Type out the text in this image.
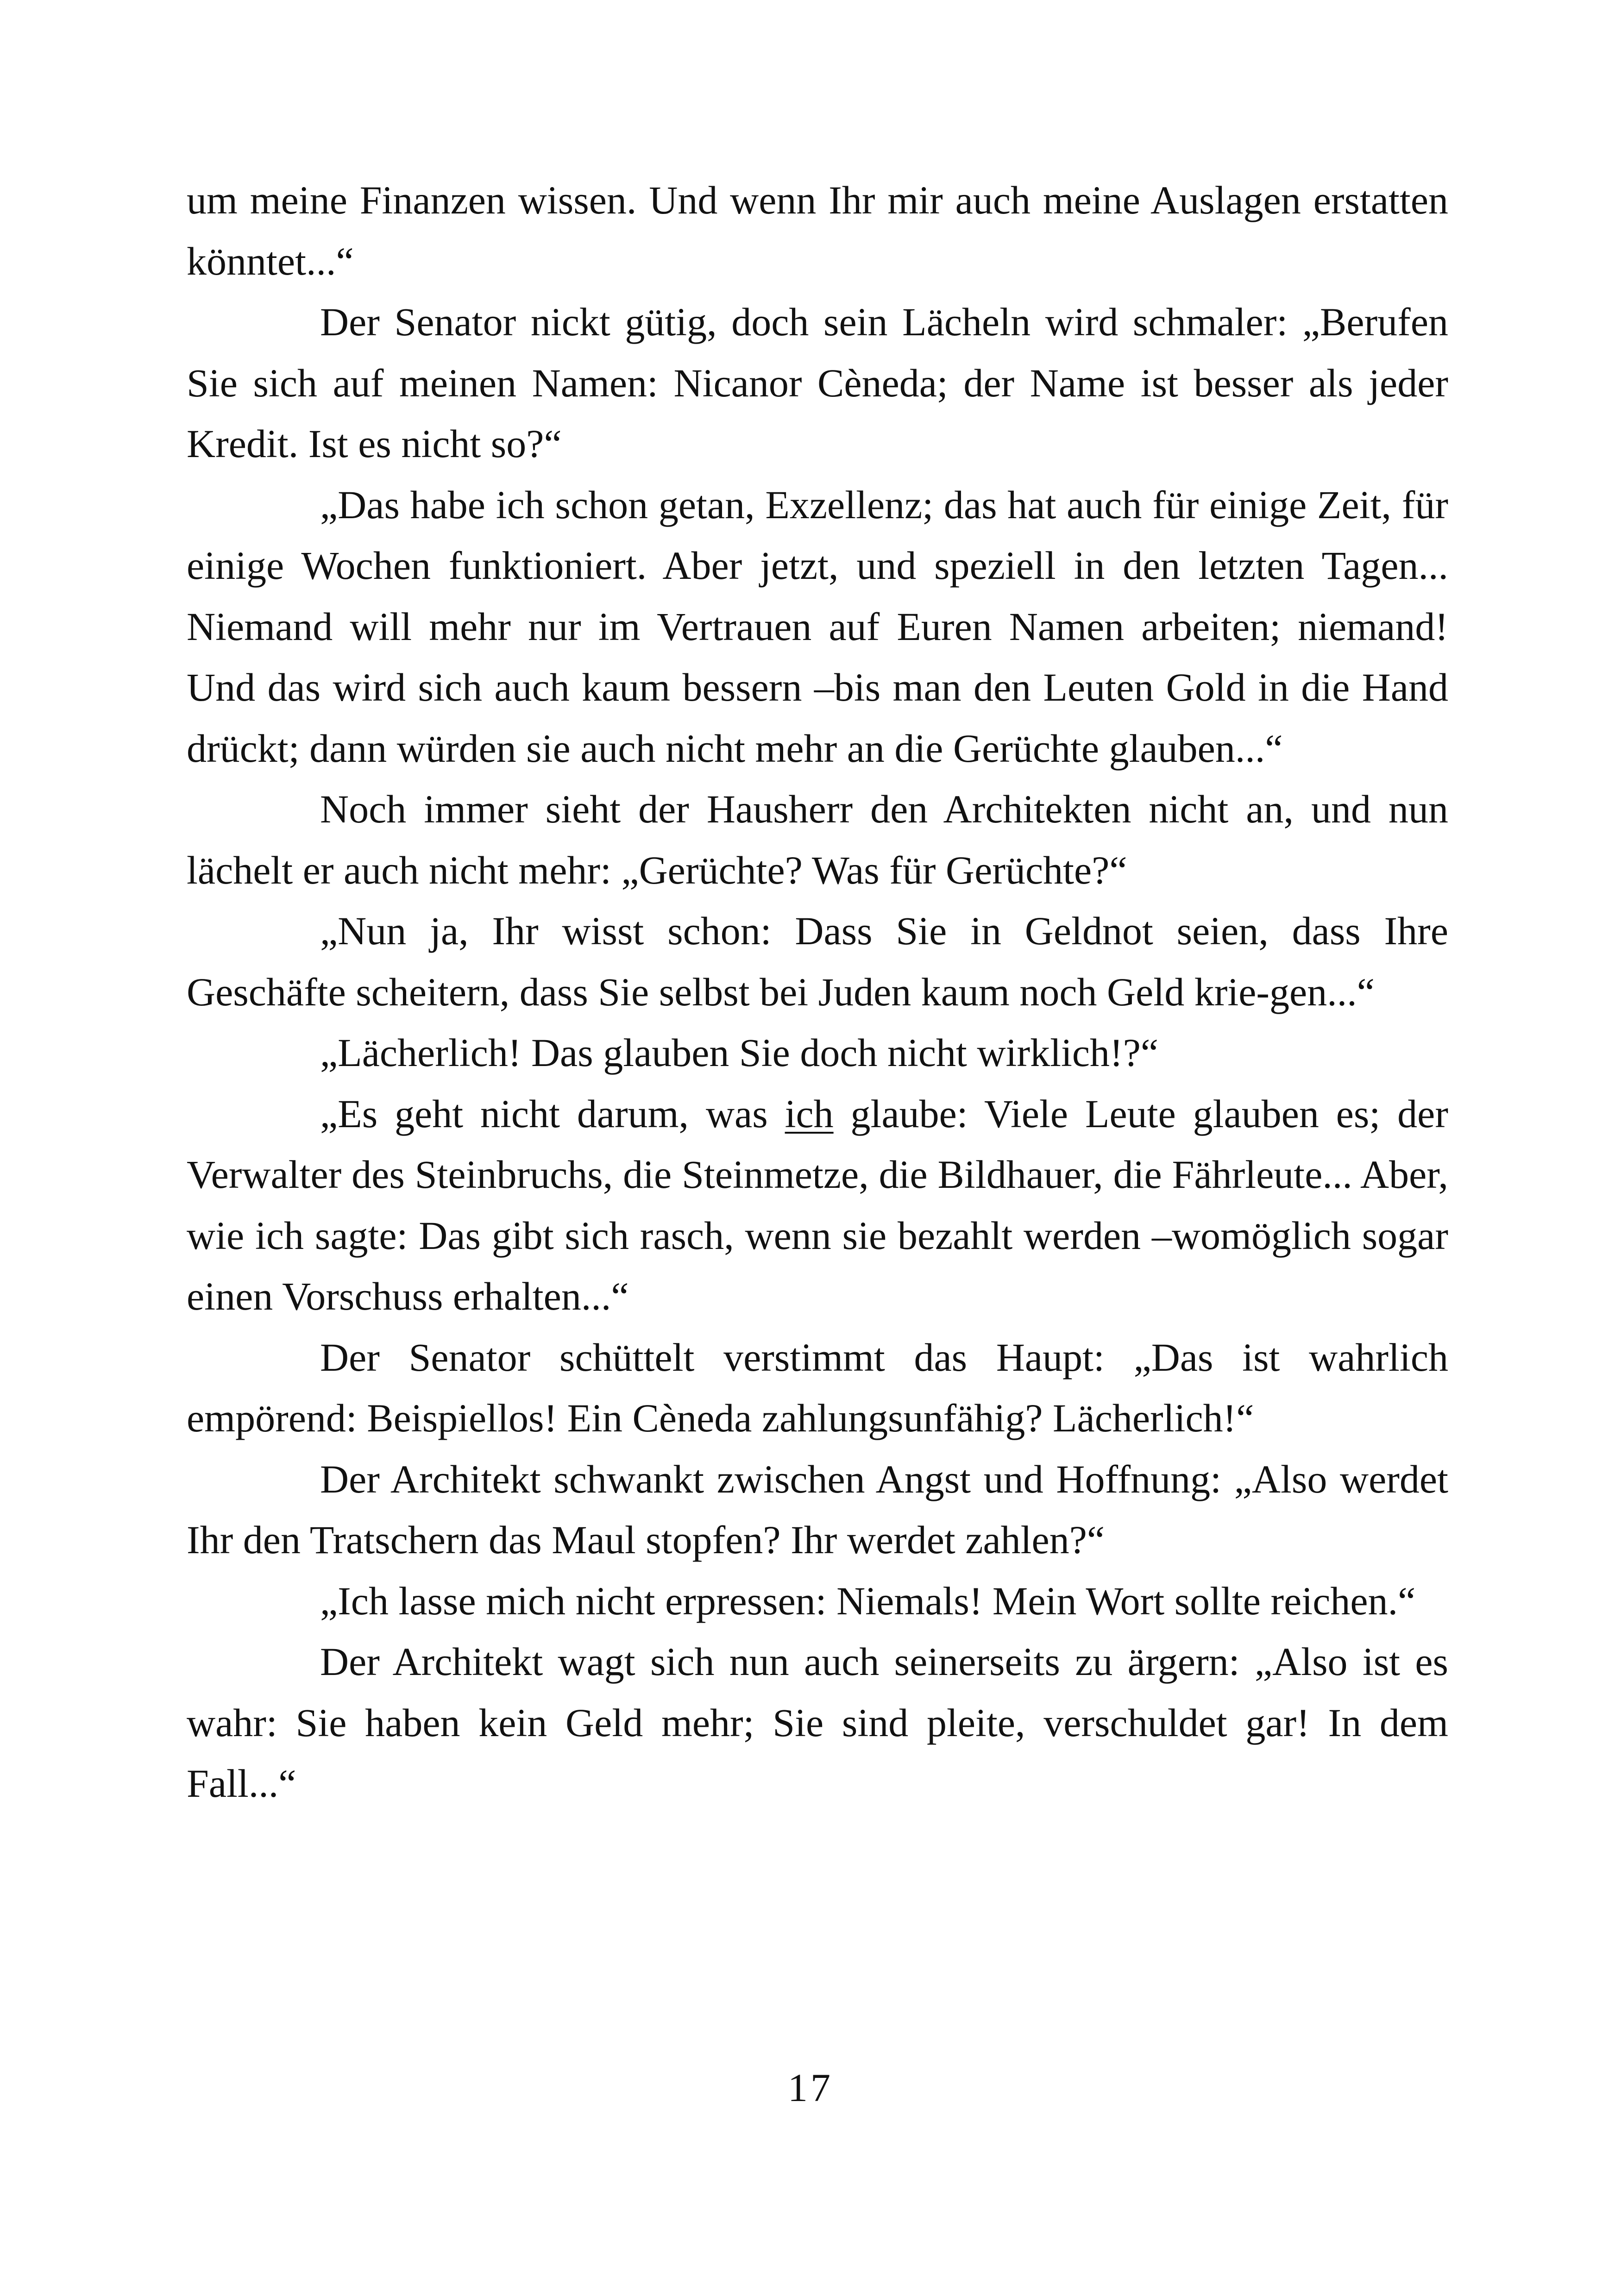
um meine Finanzen wissen. Und wenn Ihr mir auch meine Auslagen erstatten könntet...“

Der Senator nickt gütig, doch sein Lächeln wird schmaler: „Berufen Sie sich auf meinen Namen: Nicanor Cèneda; der Name ist besser als jeder Kredit. Ist es nicht so?“

„Das habe ich schon getan, Exzellenz; das hat auch für einige Zeit, für einige Wochen funktioniert. Aber jetzt, und speziell in den letzten Tagen... Niemand will mehr nur im Vertrauen auf Euren Namen arbeiten; niemand! Und das wird sich auch kaum bessern –bis man den Leuten Gold in die Hand drückt; dann würden sie auch nicht mehr an die Gerüchte glauben...“

Noch immer sieht der Hausherr den Architekten nicht an, und nun lächelt er auch nicht mehr: „Gerüchte? Was für Gerüchte?“

„Nun ja, Ihr wisst schon: Dass Sie in Geldnot seien, dass Ihre Geschäfte scheitern, dass Sie selbst bei Juden kaum noch Geld krie-gen...“

„Lächerlich! Das glauben Sie doch nicht wirklich!?“

„Es geht nicht darum, was ich glaube: Viele Leute glauben es; der Verwalter des Steinbruchs, die Steinmetze, die Bildhauer, die Fährleute... Aber, wie ich sagte: Das gibt sich rasch, wenn sie bezahlt werden –womöglich sogar einen Vorschuss erhalten...“

Der Senator schüttelt verstimmt das Haupt: „Das ist wahrlich empörend: Beispiellos! Ein Cèneda zahlungsunfähig? Lächerlich!“

Der Architekt schwankt zwischen Angst und Hoffnung: „Also werdet Ihr den Tratschern das Maul stopfen? Ihr werdet zahlen?“

„Ich lasse mich nicht erpressen: Niemals! Mein Wort sollte reichen.“

Der Architekt wagt sich nun auch seinerseits zu ärgern: „Also ist es wahr: Sie haben kein Geld mehr; Sie sind pleite, verschuldet gar! In dem Fall...“

17
